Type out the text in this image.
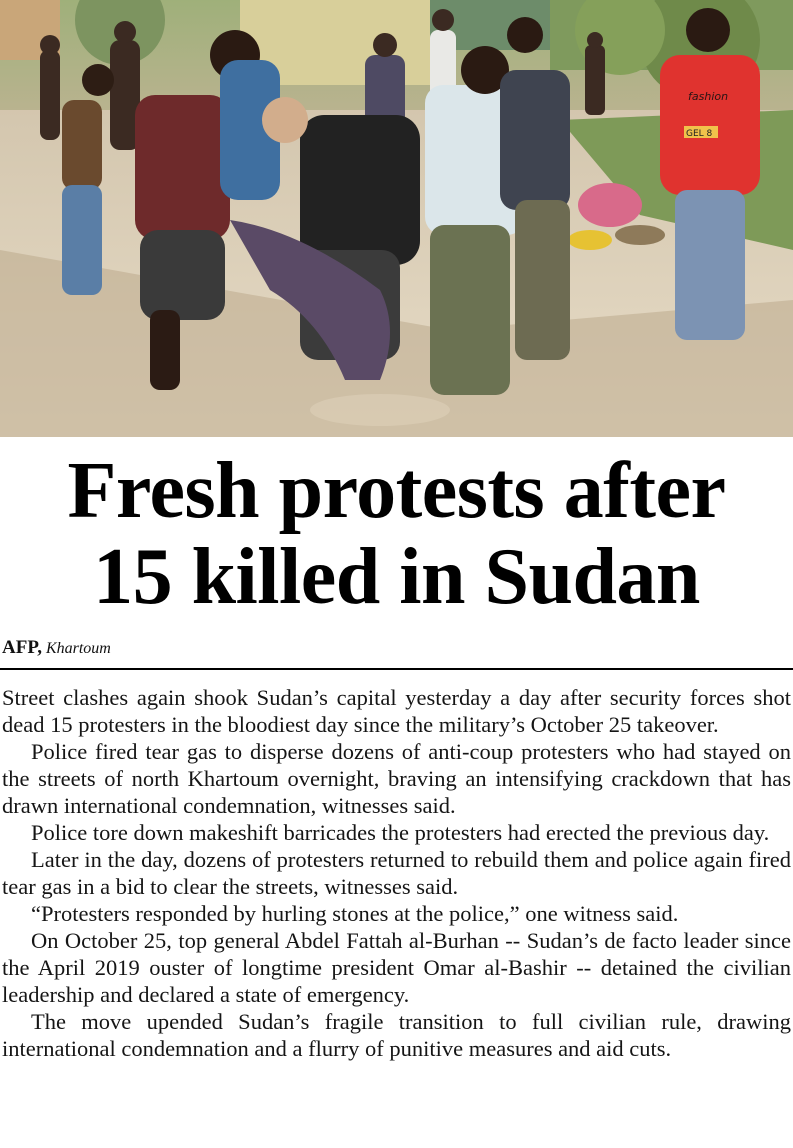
fashion
GEL 8
Fresh protests after
15 killed in Sudan
AFP, Khartoum

Street clashes again shook Sudan’s capital yesterday a day after security forces shot dead 15 protesters in the bloodiest day since the military’s October 25 takeover.

Police fired tear gas to disperse dozens of anti-coup protesters who had stayed on the streets of north Khartoum overnight, braving an intensifying crackdown that has drawn international condemnation, witnesses said.

Police tore down makeshift barricades the protesters had erected the previous day.

Later in the day, dozens of protesters returned to rebuild them and police again fired tear gas in a bid to clear the streets, witnesses said.

“Protesters responded by hurling stones at the police,” one witness said.

On October 25, top general Abdel Fattah al-Burhan -- Sudan’s de facto leader since the April 2019 ouster of longtime president Omar al-Bashir -- detained the civilian leadership and declared a state of emergency.

The move upended Sudan’s fragile transition to full civilian rule, drawing international condemnation and a flurry of punitive measures and aid cuts.
